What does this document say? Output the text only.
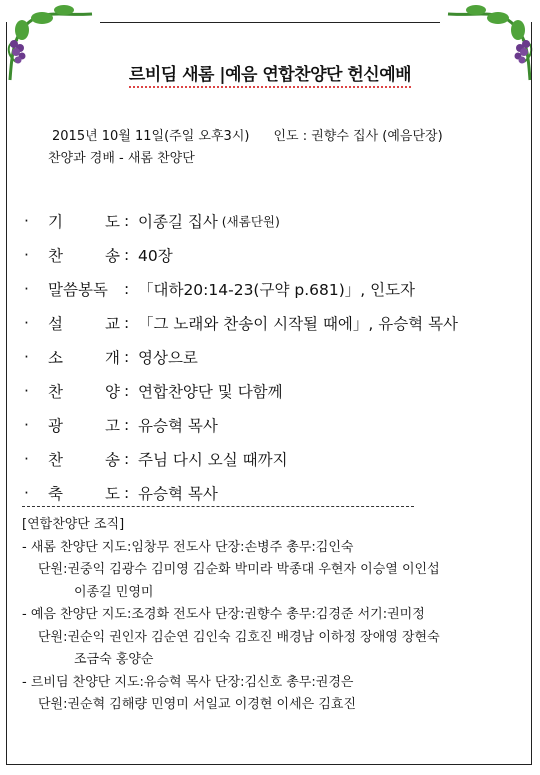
르비딤 새롬 |예음 연합찬양단 헌신예배
2015년 10월 11일(주일 오후3시) 인도 : 권향수 집사 (예음단장)
찬양과 경배 - 새롬 찬양단
·	기	도 : 이종길 집사 (새롬단원)
·	찬	송 : 40장
·	말씀봉독 : 「대하20:14-23(구약 p.681)」, 인도자
·	설	교 : 「그 노래와 찬송이 시작될 때에」, 유승혁 목사
·	소	개 : 영상으로
·	찬	양 : 연합찬양단 및 다함께
·	광	고 : 유승혁 목사
·	찬	송 : 주님 다시 오실 때까지
·	축	도 : 유승혁 목사
[연합찬양단 조직]
- 새롬 찬양단 지도:임창무 전도사 단장:손병주 총무:김인숙
단원:권중익 김광수 김미영 김순화 박미라 박종대 우현자 이승열 이인섭
이종길 민영미
- 예음 찬양단 지도:조경화 전도사 단장:권향수 총무:김경준 서기:권미정
단원:권순익 권인자 김순연 김인숙 김호진 배경남 이하정 장애영 장현숙
조금숙 홍양순
- 르비딤 찬양단 지도:유승혁 목사 단장:김신호 총무:권경은
단원:권순혁 김해량 민영미 서일교 이경현 이세은 김효진
